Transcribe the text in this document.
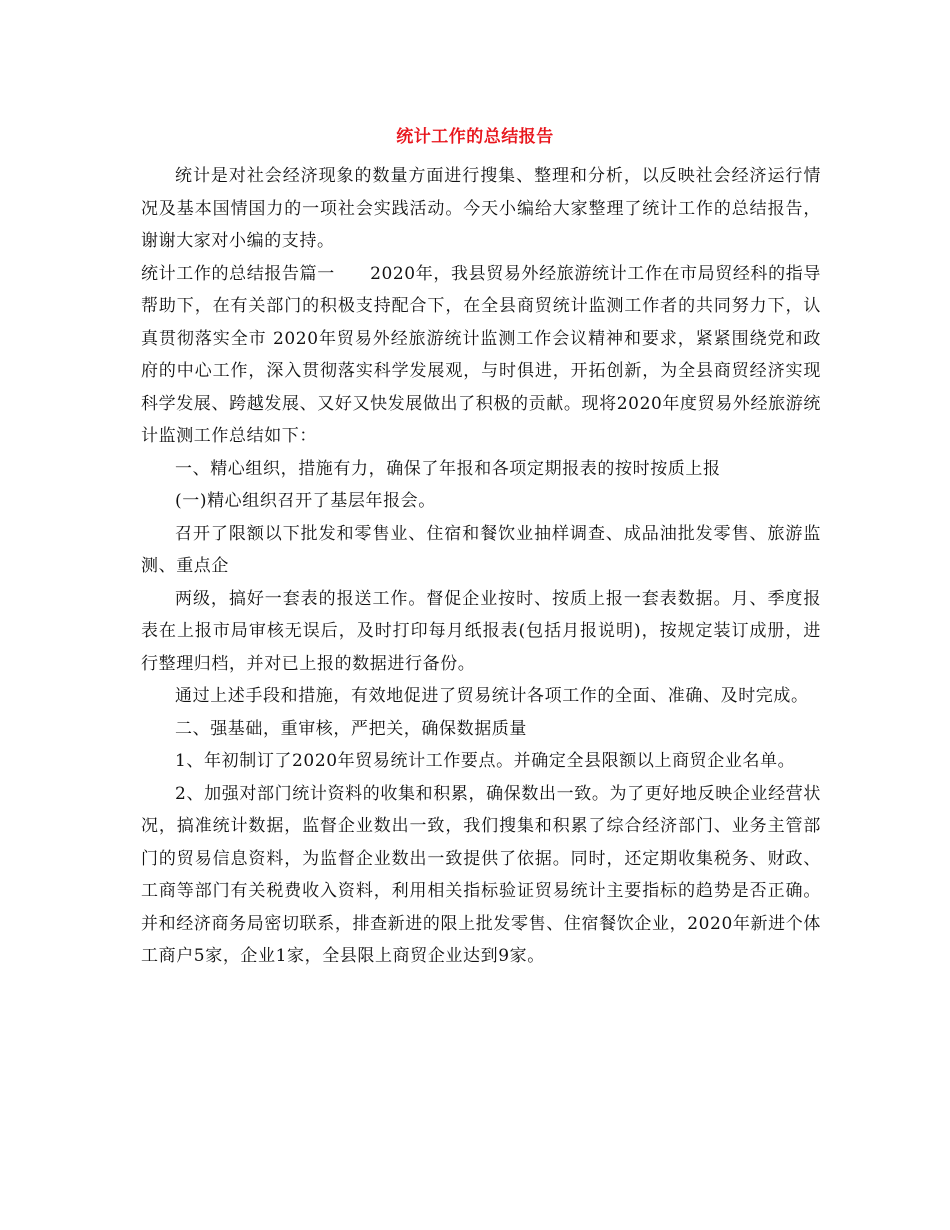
统计工作的总结报告

统计是对社会经济现象的数量方面进行搜集、整理和分析，以反映社会经济运行情况及基本国情国力的一项社会实践活动。今天小编给大家整理了统计工作的总结报告，谢谢大家对小编的支持。

统计工作的总结报告篇一　　2020年，我县贸易外经旅游统计工作在市局贸经科的指导帮助下，在有关部门的积极支持配合下，在全县商贸统计监测工作者的共同努力下，认真贯彻落实全市 2020年贸易外经旅游统计监测工作会议精神和要求，紧紧围绕党和政府的中心工作，深入贯彻落实科学发展观，与时俱进，开拓创新，为全县商贸经济实现科学发展、跨越发展、又好又快发展做出了积极的贡献。现将2020年度贸易外经旅游统计监测工作总结如下：

一、精心组织，措施有力，确保了年报和各项定期报表的按时按质上报

(一)精心组织召开了基层年报会。

召开了限额以下批发和零售业、住宿和餐饮业抽样调查、成品油批发零售、旅游监测、重点企

两级，搞好一套表的报送工作。督促企业按时、按质上报一套表数据。月、季度报表在上报市局审核无误后，及时打印每月纸报表(包括月报说明)，按规定装订成册，进行整理归档，并对已上报的数据进行备份。

通过上述手段和措施，有效地促进了贸易统计各项工作的全面、准确、及时完成。

二、强基础，重审核，严把关，确保数据质量

1、年初制订了2020年贸易统计工作要点。并确定全县限额以上商贸企业名单。

2、加强对部门统计资料的收集和积累，确保数出一致。为了更好地反映企业经营状况，搞准统计数据，监督企业数出一致，我们搜集和积累了综合经济部门、业务主管部门的贸易信息资料，为监督企业数出一致提供了依据。同时，还定期收集税务、财政、工商等部门有关税费收入资料，利用相关指标验证贸易统计主要指标的趋势是否正确。并和经济商务局密切联系，排查新进的限上批发零售、住宿餐饮企业，2020年新进个体工商户5家，企业1家，全县限上商贸企业达到9家。
